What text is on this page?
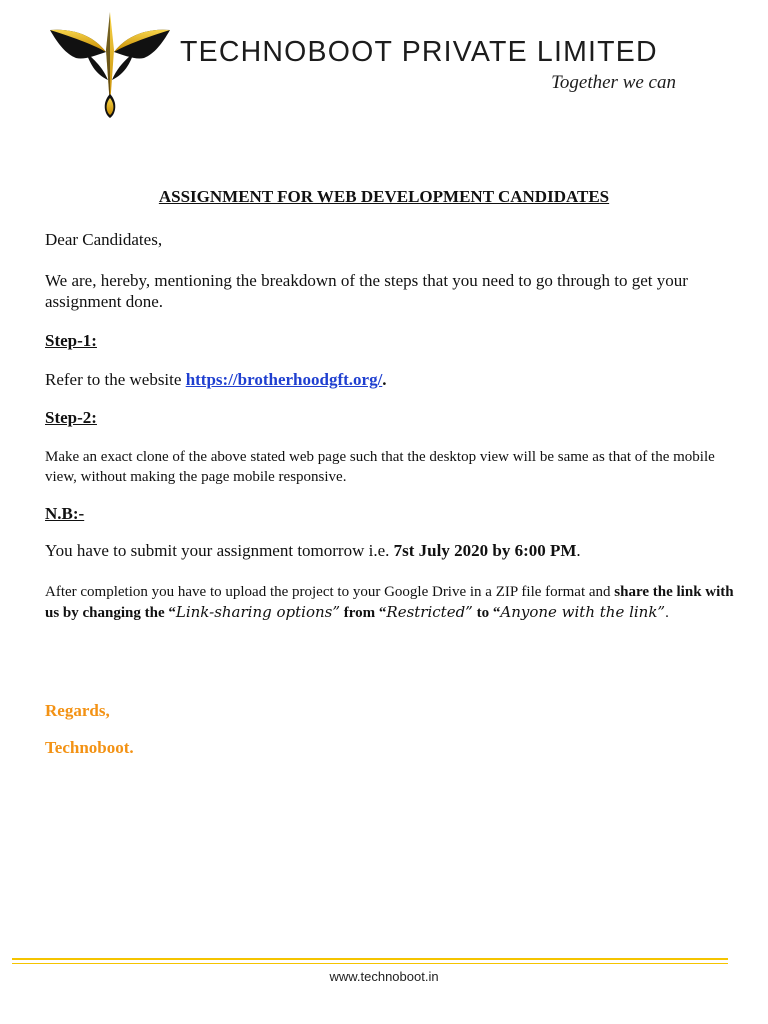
TECHNOBOOT PRIVATE LIMITED
Together we can
ASSIGNMENT FOR WEB DEVELOPMENT CANDIDATES

Dear Candidates,

We are, hereby, mentioning the breakdown of the steps that you need to go through to get your assignment done.

Step-1:

Refer to the website https://brotherhoodgft.org/.

Step-2:

Make an exact clone of the above stated web page such that the desktop view will be same as that of the mobile view, without making the page mobile responsive.

N.B:-

You have to submit your assignment tomorrow i.e. 7st July 2020 by 6:00 PM.

After completion you have to upload the project to your Google Drive in a ZIP file format and share the link with us by changing the “Link-sharing options” from “Restricted” to “Anyone with the link”.

Regards,

Technoboot.

www.technoboot.in
